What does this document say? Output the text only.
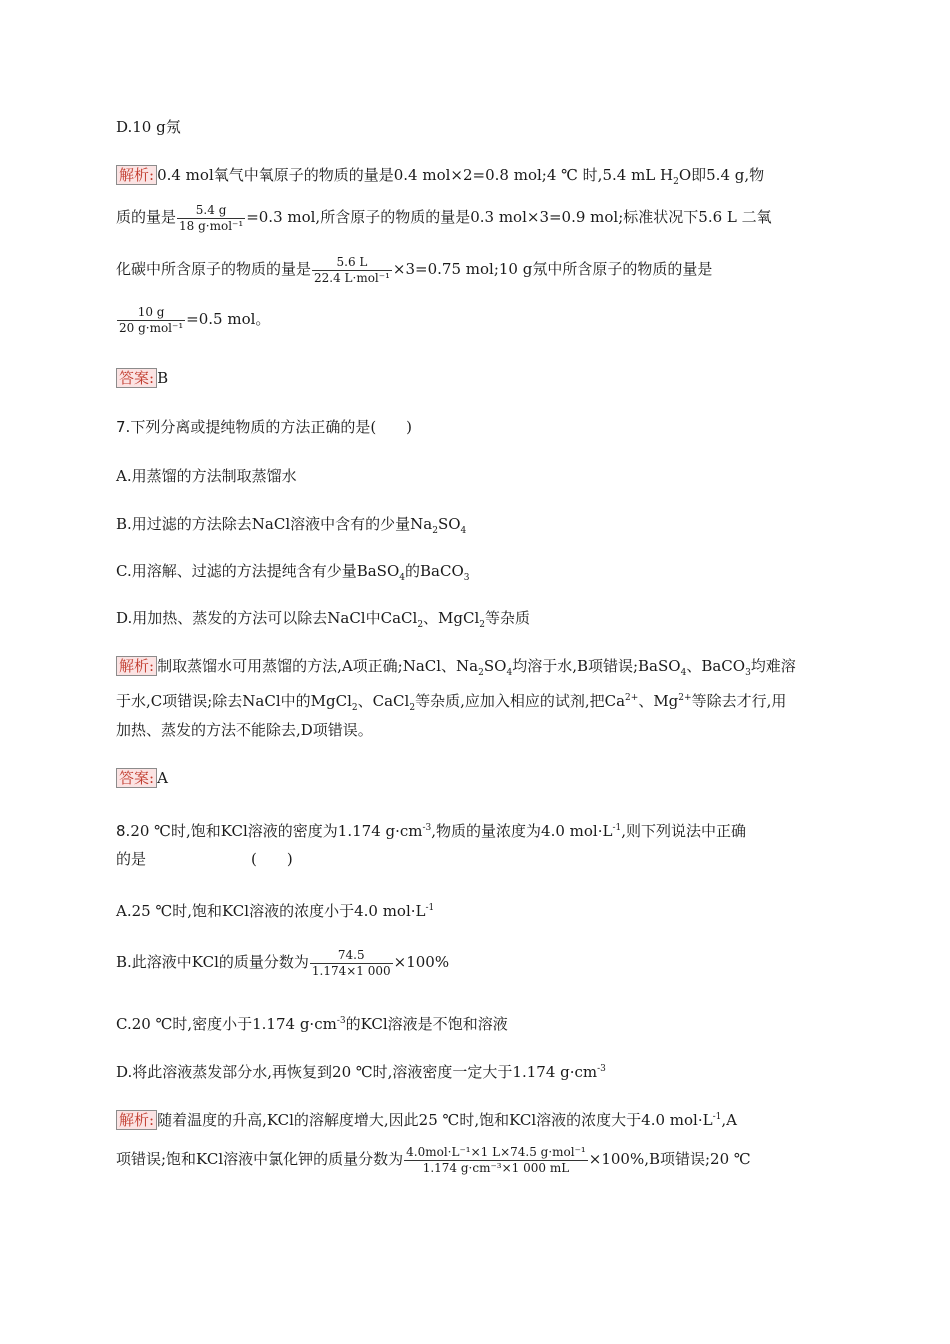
D.10 g氖
解析: 0.4 mol氧气中氧原子的物质的量是0.4 mol×2=0.8 mol;4 ℃ 时,5.4 mL $H_2O$即5.4 g,物
质的量是 $\frac{5.4 g}{\text{18 g·mol⁻¹}} =0.3$ mol,所含原子的物质的量是0.3 mol×3=0.9 mol;标准状况下5.6 L 二氧
化碳中所含原子的物质的量是 $\frac{5.6 L}{\text{22.4 L·mol⁻¹}} \times 3=0.75$ mol;10 g氖中所含原子的物质的量是
$\frac{10 g}{\text{20 g·mol⁻¹}} =0.5$ mol。
答案: B
7.下列分离或提纯物质的方法正确的是(　　)
A.用蒸馏的方法制取蒸馏水
B.用过滤的方法除去NaCl溶液中含有的少量$Na_2SO_4$
C.用溶解、过滤的方法提纯含有少量BaSO$_4$的BaCO$_3$
D.用加热、蒸发的方法可以除去NaCl中CaCl$_2$、MgCl$_2$等杂质
解析: 制取蒸馏水可用蒸馏的方法,A项正确;NaCl、$Na_2SO_4$均溶于水,B项错误;BaSO$_4$、BaCO$_3$均难溶
于水,C项错误;除去NaCl中的MgCl$_2$、CaCl$_2$等杂质,应加入相应的试剂,把$Ca^{2+}$、$Mg^{2+}$等除去才行,用
加热、蒸发的方法不能除去,D项错误。
答案: A
8.20 ℃时,饱和KCl溶液的密度为1.174 $g\cdot cm^{-3}$,物质的量浓度为4.0 $mol\cdot L^{-1}$,则下列说法中正确
的是　　　　　　　(　　)
A.25 ℃时,饱和KCl溶液的浓度小于4.0 $mol\cdot L^{-1}$
B.此溶液中KCl的质量分数为 $\frac{74.5}{1.174\times 1 000} \times 100\%$
C.20 ℃时,密度小于1.174 $g\cdot cm^{-3}$的KCl溶液是不饱和溶液
D.将此溶液蒸发部分水,再恢复到20 ℃时,溶液密度一定大于1.174 $g\cdot cm^{-3}$
解析: 随着温度的升高,KCl的溶解度增大,因此25 ℃时,饱和KCl溶液的浓度大于4.0 $mol\cdot L^{-1},A$
项错误;饱和KCl溶液中氯化钾的质量分数为 $\frac{\text{4.0mol·L⁻¹×1 L×74.5 g·mol⁻¹}}{\text{1.174 g·cm⁻³×1 000 mL}} \times 100\%,B$项错误;20 ℃
